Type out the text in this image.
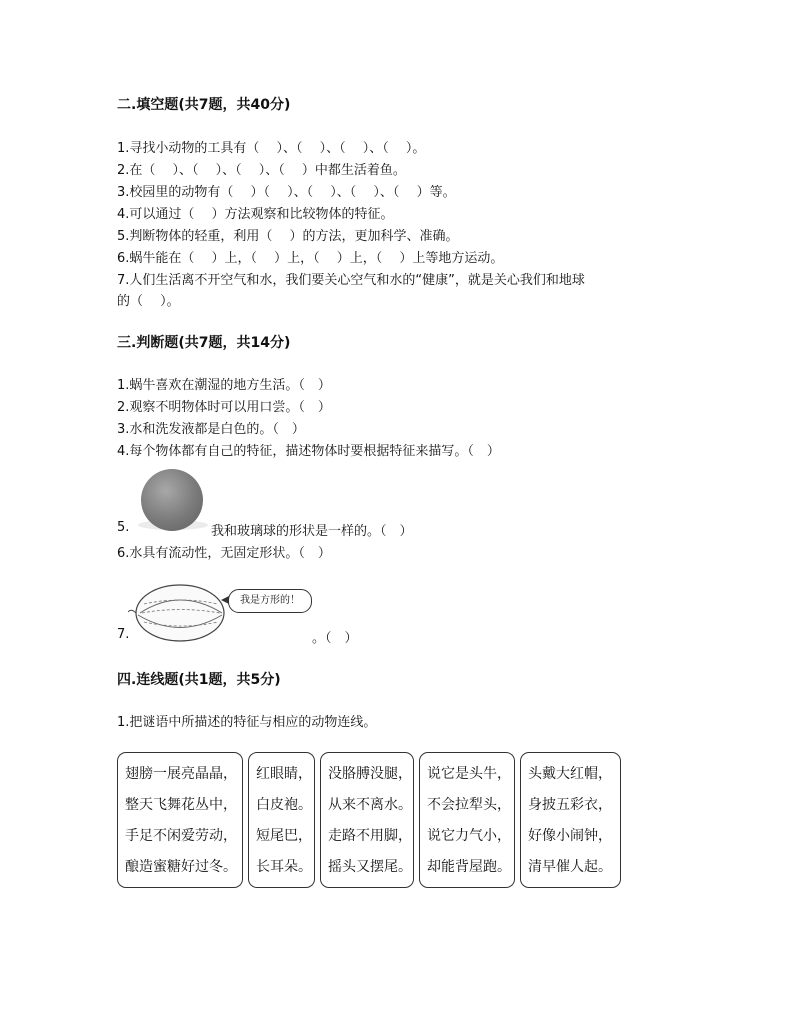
二.填空题(共7题，共40分)
1.寻找小动物的工具有（　 ）、（　 ）、（　 ）、（　 ）。
2.在（　 ）、（　 ）、（　 ）、（　 ）中都生活着鱼。
3.校园里的动物有（　 ）（　 ）、（　 ）、（　 ）、（　 ）等。
4.可以通过（　 ）方法观察和比较物体的特征。
5.判断物体的轻重，利用（　 ）的方法，更加科学、准确。
6.蜗牛能在（　 ）上，（　 ）上，（　 ）上，（　 ）上等地方运动。
7.人们生活离不开空气和水，我们要关心空气和水的“健康”，就是关心我们和地球
的（　 ）。
三.判断题(共7题，共14分)
1.蜗牛喜欢在潮湿的地方生活。（　）
2.观察不明物体时可以用口尝。（　）
3.水和洗发液都是白色的。（　）
4.每个物体都有自己的特征，描述物体时要根据特征来描写。（　）
5.	我和玻璃球的形状是一样的。（　）
6.水具有流动性，无固定形状。（　）
我是方形的！
7.	。（　）
四.连线题(共1题，共5分)
1.把谜语中所描述的特征与相应的动物连线。
翅膀一展亮晶晶，
整天飞舞花丛中，
手足不闲爱劳动，
酿造蜜糖好过冬。
红眼睛，
白皮袍。
短尾巴，
长耳朵。
没胳膊没腿，
从来不离水。
走路不用脚，
摇头又摆尾。
说它是头牛，
不会拉犁头，
说它力气小，
却能背屋跑。
头戴大红帽，
身披五彩衣，
好像小闹钟，
清早催人起。
